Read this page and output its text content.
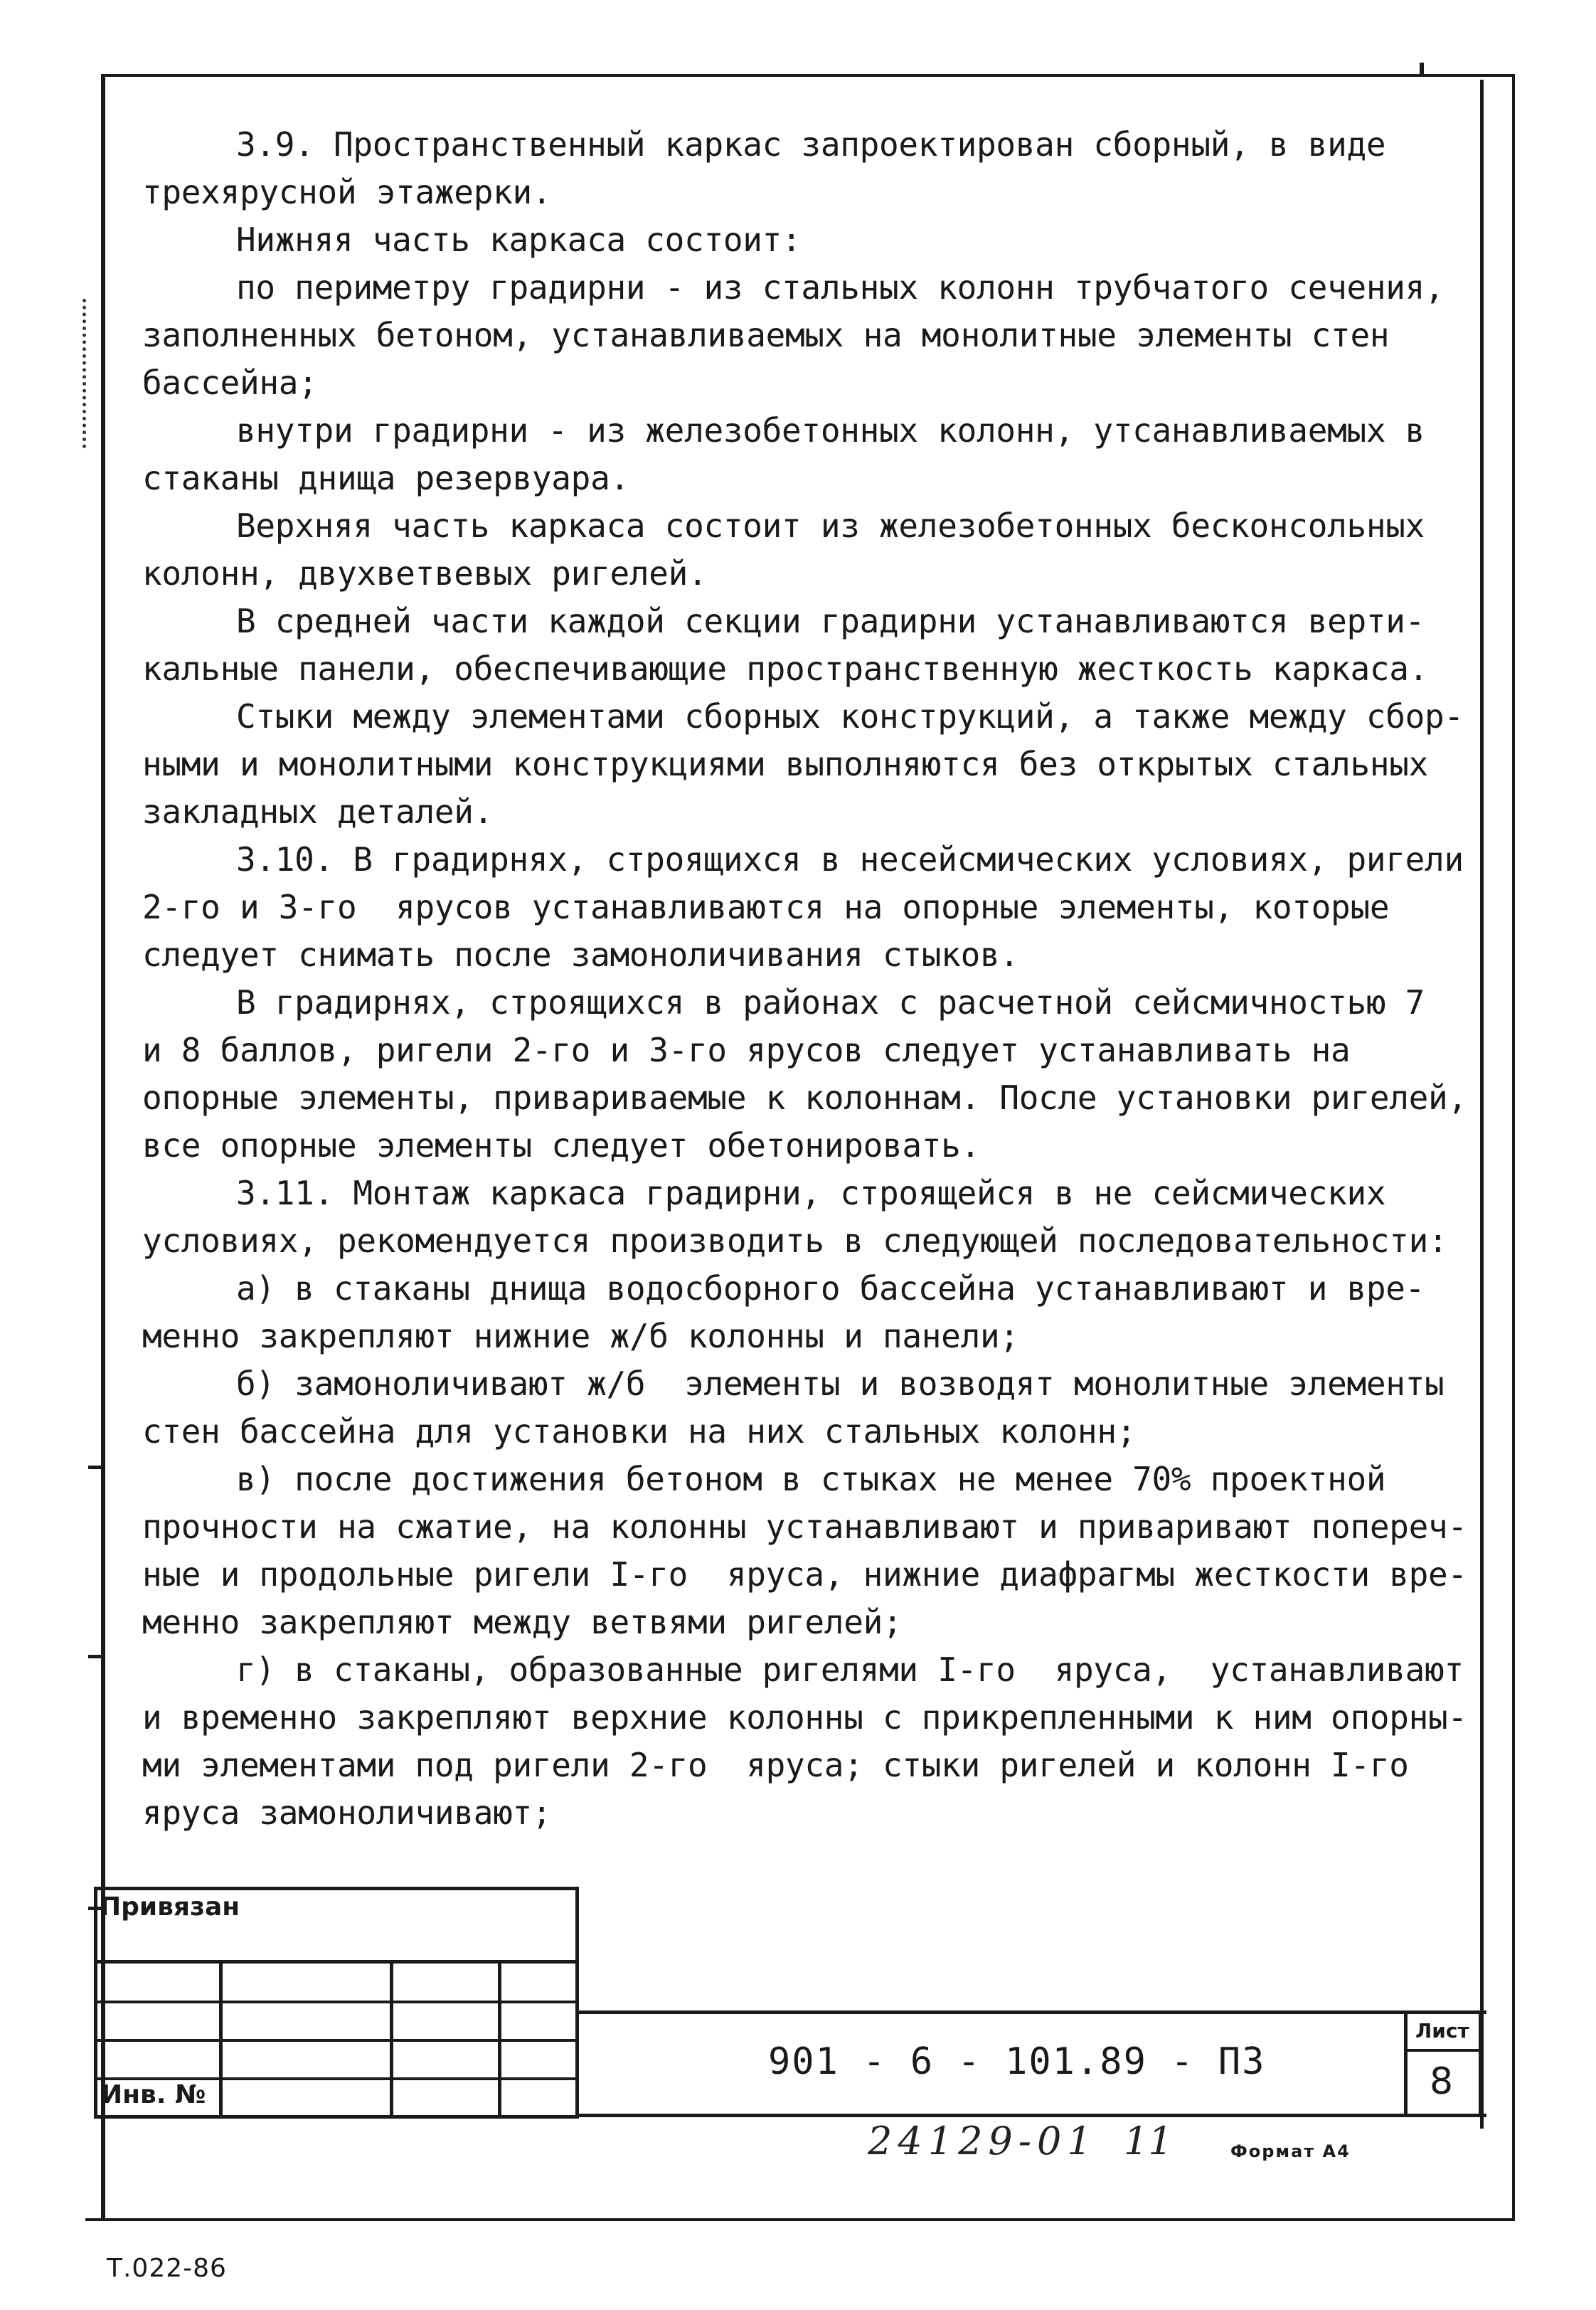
3.9. Пространственный каркас запроектирован сборный, в виде
трехярусной этажерки.
Нижняя часть каркаса состоит:
по периметру градирни - из стальных колонн трубчатого сечения,
заполненных бетоном, устанавливаемых на монолитные элементы стен
бассейна;
внутри градирни - из железобетонных колонн, утсанавливаемых в
стаканы днища резервуара.
Верхняя часть каркаса состоит из железобетонных бесконсольных
колонн, двухветвевых ригелей.
В средней части каждой секции градирни устанавливаются верти-
кальные панели, обеспечивающие пространственную жесткость каркаса.
Стыки между элементами сборных конструкций, а также между сбор-
ными и монолитными конструкциями выполняются без открытых стальных
закладных деталей.
3.10. В градирнях, строящихся в несейсмических условиях, ригели
2-го и 3-го  ярусов устанавливаются на опорные элементы, которые
следует снимать после замоноличивания стыков.
В градирнях, строящихся в районах с расчетной сейсмичностью 7
и 8 баллов, ригели 2-го и 3-го ярусов следует устанавливать на
опорные элементы, привариваемые к колоннам. После установки ригелей,
все опорные элементы следует обетонировать.
3.11. Монтаж каркаса градирни, строящейся в не сейсмических
условиях, рекомендуется производить в следующей последовательности:
а) в стаканы днища водосборного бассейна устанавливают и вре-
менно закрепляют нижние ж/б колонны и панели;
б) замоноличивают ж/б  элементы и возводят монолитные элементы
стен бассейна для установки на них стальных колонн;
в) после достижения бетоном в стыках не менее 70% проектной
прочности на сжатие, на колонны устанавливают и приваривают попереч-
ные и продольные ригели I-го  яруса, нижние диафрагмы жесткости вре-
менно закрепляют между ветвями ригелей;
г) в стаканы, образованные ригелями I-го  яруса,  устанавливают
и временно закрепляют верхние колонны с прикрепленными к ним опорны-
ми элементами под ригели 2-го  яруса; стыки ригелей и колонн I-го
яруса замоноличивают;
Привязан
Инв. №
901 - 6 - 101.89 - ПЗ
Лист
8
24129-01 11	Формат А4
Т.022-86
